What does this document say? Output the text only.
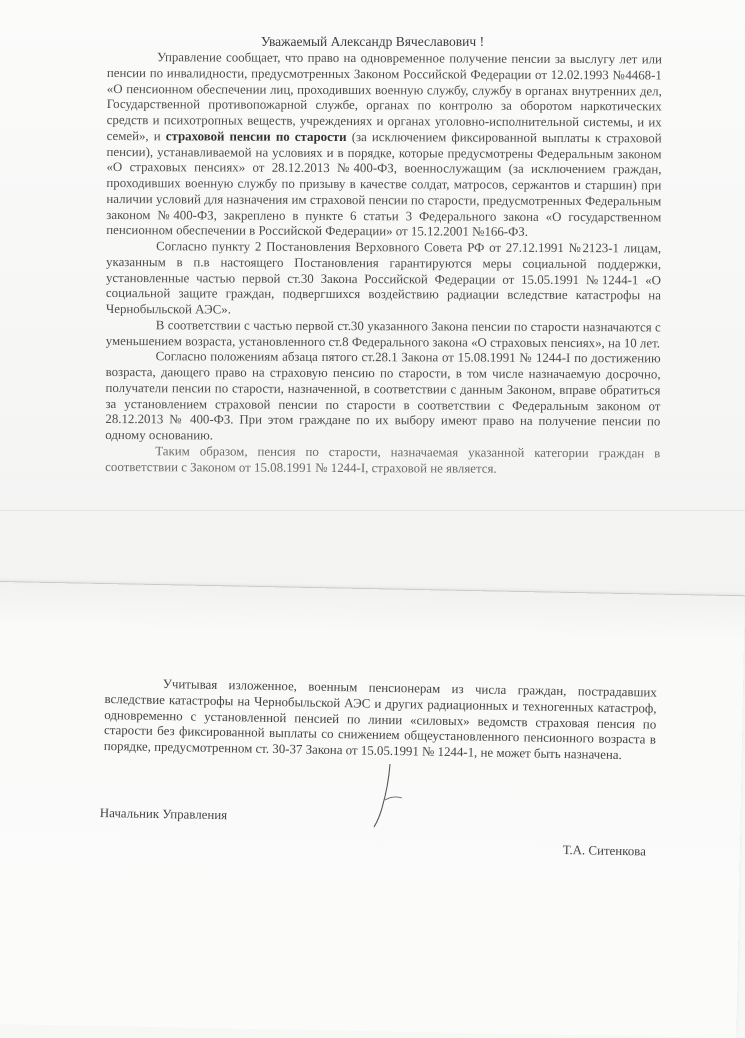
Уважаемый Александр Вячеславович !

Управление сообщает, что право на одновременное получение пенсии за выслугу лет или пенсии по инвалидности, предусмотренных Законом Российской Федерации от 12.02.1993 №4468-1 «О пенсионном обеспечении лиц, проходивших военную службу, службу в органах внутренних дел, Государственной противопожарной службе, органах по контролю за оборотом наркотических средств и психотропных веществ, учреждениях и органах уголовно-исполнительной системы, и их семей», и страховой пенсии по старости (за исключением фиксированной выплаты к страховой пенсии), устанавливаемой на условиях и в порядке, которые предусмотрены Федеральным законом «О страховых пенсиях» от 28.12.2013 №400-ФЗ, военнослужащим (за исключением граждан, проходивших военную службу по призыву в качестве солдат, матросов, сержантов и старшин) при наличии условий для назначения им страховой пенсии по старости, предусмотренных Федеральным законом №400-ФЗ, закреплено в пункте 6 статьи 3 Федерального закона «О государственном пенсионном обеспечении в Российской Федерации» от 15.12.2001 №166-ФЗ.

Согласно пункту 2 Постановления Верховного Совета РФ от 27.12.1991 №2123-1 лицам, указанным в п.в настоящего Постановления гарантируются меры социальной поддержки, установленные частью первой ст.30 Закона Российской Федерации от 15.05.1991 №1244-1 «О социальной защите граждан, подвергшихся воздействию радиации вследствие катастрофы на Чернобыльской АЭС».

В соответствии с частью первой ст.30 указанного Закона пенсии по старости назначаются с уменьшением возраста, установленного ст.8 Федерального закона «О страховых пенсиях», на 10 лет.

Согласно положениям абзаца пятого ст.28.1 Закона от 15.08.1991 № 1244-I по достижению возраста, дающего право на страховую пенсию по старости, в том числе назначаемую досрочно, получатели пенсии по старости, назначенной, в соответствии с данным Законом, вправе обратиться за установлением страховой пенсии по старости в соответствии с Федеральным законом от 28.12.2013 № 400-ФЗ. При этом граждане по их выбору имеют право на получение пенсии по одному основанию.

Таким образом, пенсия по старости, назначаемая указанной категории граждан в соответствии с Законом от 15.08.1991 № 1244-I, страховой не является.

Учитывая изложенное, военным пенсионерам из числа граждан, пострадавших вследствие катастрофы на Чернобыльской АЭС и других радиационных и техногенных катастроф, одновременно с установленной пенсией по линии «силовых» ведомств страховая пенсия по старости без фиксированной выплаты со снижением общеустановленного пенсионного возраста в порядке, предусмотренном ст. 30-37 Закона от 15.05.1991 № 1244-1, не может быть назначена.

Начальник Управления
Т.А. Ситенкова
